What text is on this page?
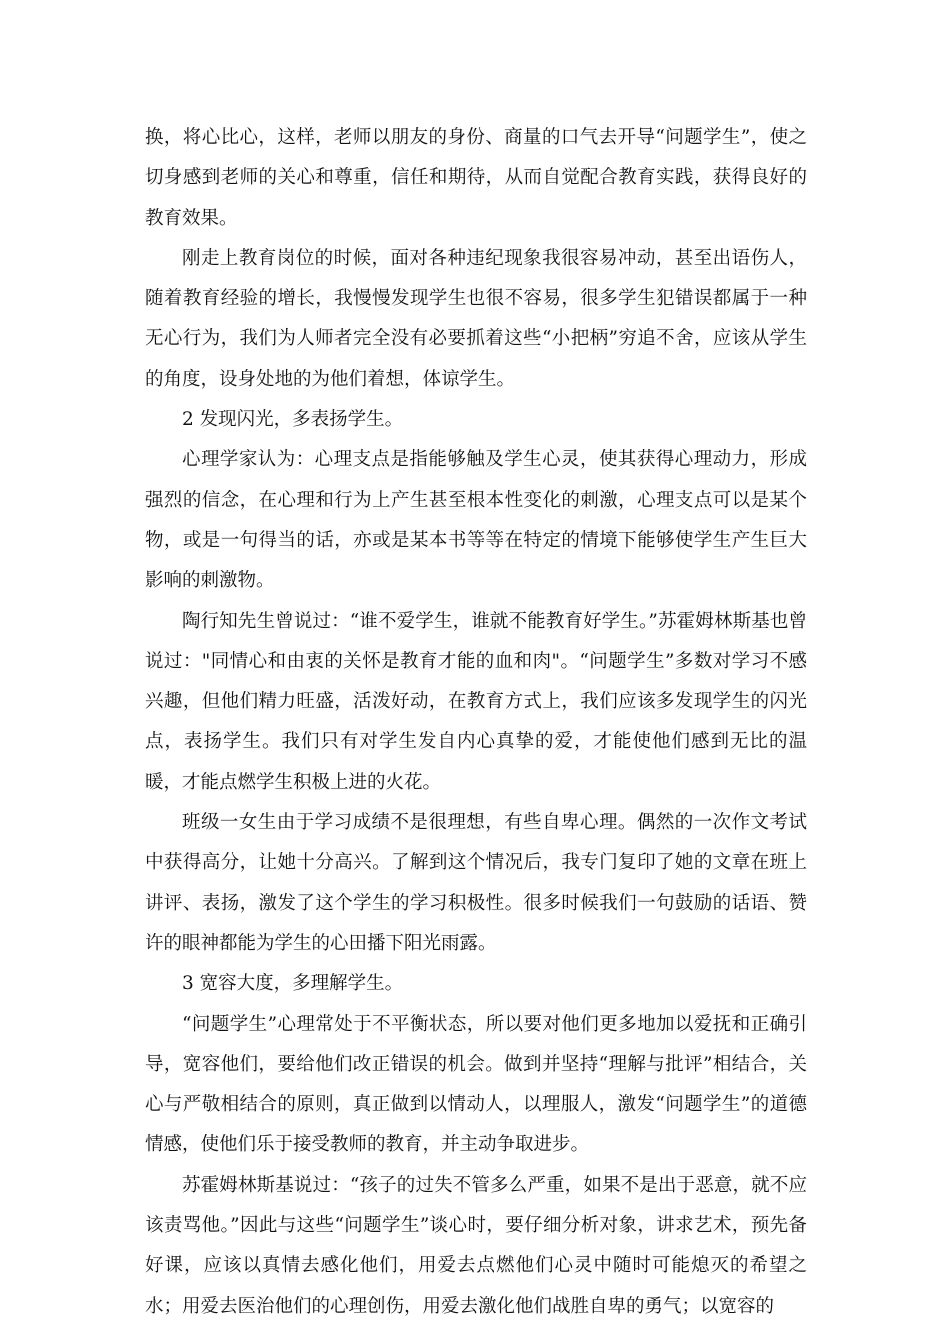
换，将心比心，这样，老师以朋友的身份、商量的口气去开导“问题学生”，使之切身感到老师的关心和尊重，信任和期待，从而自觉配合教育实践，获得良好的教育效果。

刚走上教育岗位的时候，面对各种违纪现象我很容易冲动，甚至出语伤人，随着教育经验的增长，我慢慢发现学生也很不容易，很多学生犯错误都属于一种无心行为，我们为人师者完全没有必要抓着这些“小把柄”穷追不舍，应该从学生的角度，设身处地的为他们着想，体谅学生。

2 发现闪光，多表扬学生。

心理学家认为：心理支点是指能够触及学生心灵，使其获得心理动力，形成强烈的信念，在心理和行为上产生甚至根本性变化的刺激，心理支点可以是某个物，或是一句得当的话，亦或是某本书等等在特定的情境下能够使学生产生巨大影响的刺激物。

陶行知先生曾说过：“谁不爱学生，谁就不能教育好学生。”苏霍姆林斯基也曾说过："同情心和由衷的关怀是教育才能的血和肉"。“问题学生”多数对学习不感兴趣，但他们精力旺盛，活泼好动，在教育方式上，我们应该多发现学生的闪光点，表扬学生。我们只有对学生发自内心真挚的爱，才能使他们感到无比的温暖，才能点燃学生积极上进的火花。

班级一女生由于学习成绩不是很理想，有些自卑心理。偶然的一次作文考试中获得高分，让她十分高兴。了解到这个情况后，我专门复印了她的文章在班上讲评、表扬，激发了这个学生的学习积极性。很多时候我们一句鼓励的话语、赞许的眼神都能为学生的心田播下阳光雨露。

3 宽容大度，多理解学生。

“问题学生”心理常处于不平衡状态，所以要对他们更多地加以爱抚和正确引导，宽容他们，要给他们改正错误的机会。做到并坚持“理解与批评”相结合，关心与严敬相结合的原则，真正做到以情动人，以理服人，激发“问题学生”的道德情感，使他们乐于接受教师的教育，并主动争取进步。

苏霍姆林斯基说过：“孩子的过失不管多么严重，如果不是出于恶意，就不应该责骂他。”因此与这些“问题学生”谈心时，要仔细分析对象，讲求艺术，预先备好课，应该以真情去感化他们，用爱去点燃他们心灵中随时可能熄灭的希望之水；用爱去医治他们的心理创伤，用爱去激化他们战胜自卑的勇气；以宽容的
